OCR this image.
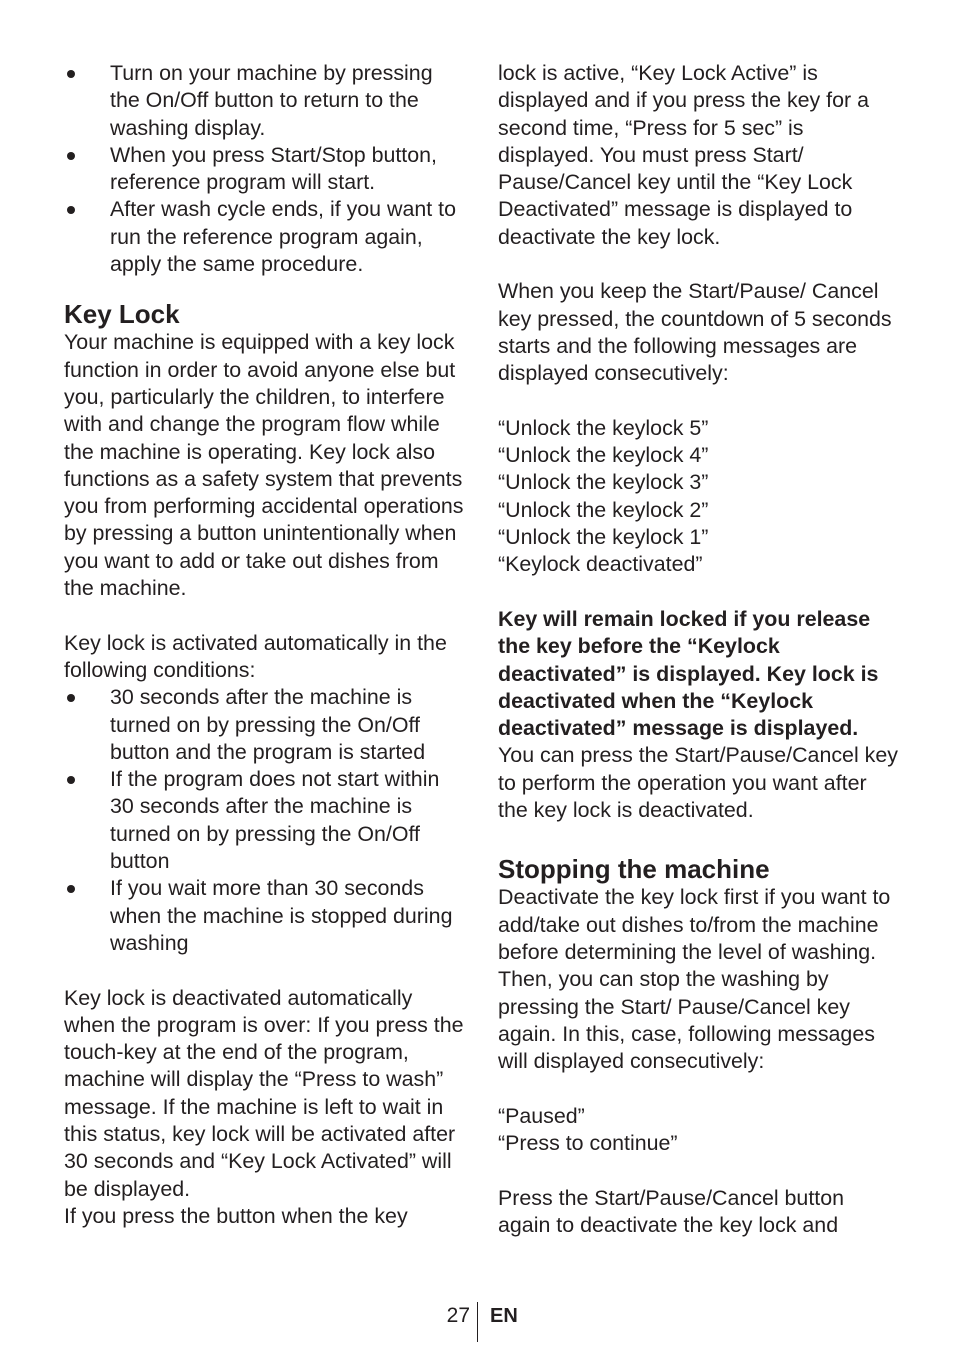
Turn on your machine by pressing the On/Off button to return to the washing display.
When you press Start/Stop button, reference program will start.
After wash cycle ends, if you want to run the reference program again, apply the same procedure.
Key Lock

Your machine is equipped with a key lock function in order to avoid anyone else but you, particularly the children, to interfere with and change the program flow while the machine is operating. Key lock also functions as a safety system that prevents you from performing accidental operations by pressing a button unintentionally when you want to add or take out dishes from the machine.

Key lock is activated automatically in the following conditions:

30 seconds after the machine is turned on by pressing the On/Off button and the program is started
If the program does not start within 30 seconds after the machine is turned on by pressing the On/Off button
If you wait more than 30 seconds when the machine is stopped during washing

Key lock is deactivated automatically when the program is over: If you press the touch-key at the end of the program, machine will display the “Press to wash” message. If the machine is left to wait in this status, key lock will be activated after 30 seconds and “Key Lock Activated” will be displayed.

If you press the button when the key

lock is active, “Key Lock Active” is displayed and if you press the key for a second time, “Press for 5 sec” is displayed. You must press Start/ Pause/Cancel key until the “Key Lock Deactivated” message is displayed to deactivate the key lock.

When you keep the Start/Pause/ Cancel key pressed, the countdown of 5 seconds starts and the following messages are displayed consecutively:

“Unlock the keylock 5”
“Unlock the keylock 4”
“Unlock the keylock 3”
“Unlock the keylock 2”
“Unlock the keylock 1”
“Keylock deactivated”

Key will remain locked if you release the key before the “Keylock deactivated” is displayed. Key lock is deactivated when the “Keylock deactivated” message is displayed. You can press the Start/Pause/Cancel key to perform the operation you want after the key lock is deactivated.

Stopping the machine

Deactivate the key lock first if you want to add/take out dishes to/from the machine before determining the level of washing. Then, you can stop the washing by pressing the Start/ Pause/Cancel key again. In this, case, following messages will displayed consecutively:

“Paused”
“Press to continue”

Press the Start/Pause/Cancel button again to deactivate the key lock and

27 EN
